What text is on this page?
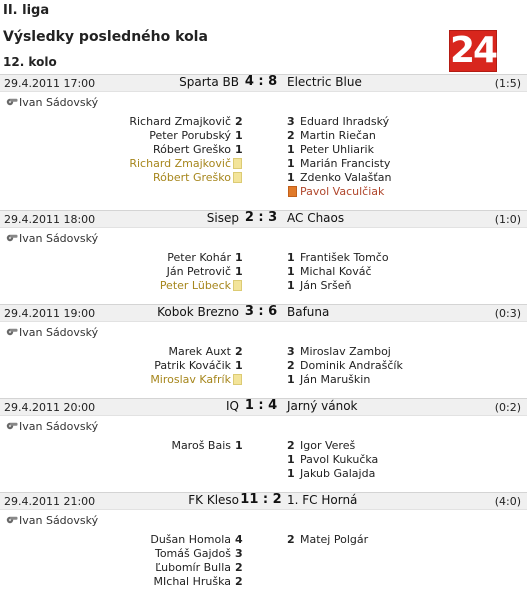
II. liga
Výsledky posledného kola
12. kolo	24
29.4.2011 17:00	Sparta BB 4 : 8 Electric Blue	(1:5)
Ivan Sádovský
Richard Zmajkovič 2	3 Eduard Ihradský
Peter Porubský 1	2 Martin Riečan
Róbert Greško 1	1 Peter Uhliarik
Richard Zmajkovič	1 Marián Francisty
Róbert Greško	1 Zdenko Valašťan
Pavol Vaculčiak
29.4.2011 18:00	Sisep 2 : 3 AC Chaos	(1:0)
Ivan Sádovský
Peter Kohár 1	1 František Tomčo
Ján Petrovič 1	1 Michal Kováč
Peter Lübeck	1 Ján Sršeň
29.4.2011 19:00	Kobok Brezno 3 : 6 Bafuna	(0:3)
Ivan Sádovský
Marek Auxt 2	3 Miroslav Zamboj
Patrik Kováčik 1	2 Dominik Andraščík
Miroslav Kafrík	1 Ján Maruškin
29.4.2011 20:00	IQ 1 : 4 Jarný vánok	(0:2)
Ivan Sádovský
Maroš Bais 1	2 Igor Vereš
1 Pavol Kukučka
1 Jakub Galajda
29.4.2011 21:00	FK Kleso 11 : 2 1. FC Horná	(4:0)
Ivan Sádovský
Dušan Homola 4	2 Matej Polgár
Tomáš Gajdoš 3
Ľubomír Bulla 2
MIchal Hruška 2
